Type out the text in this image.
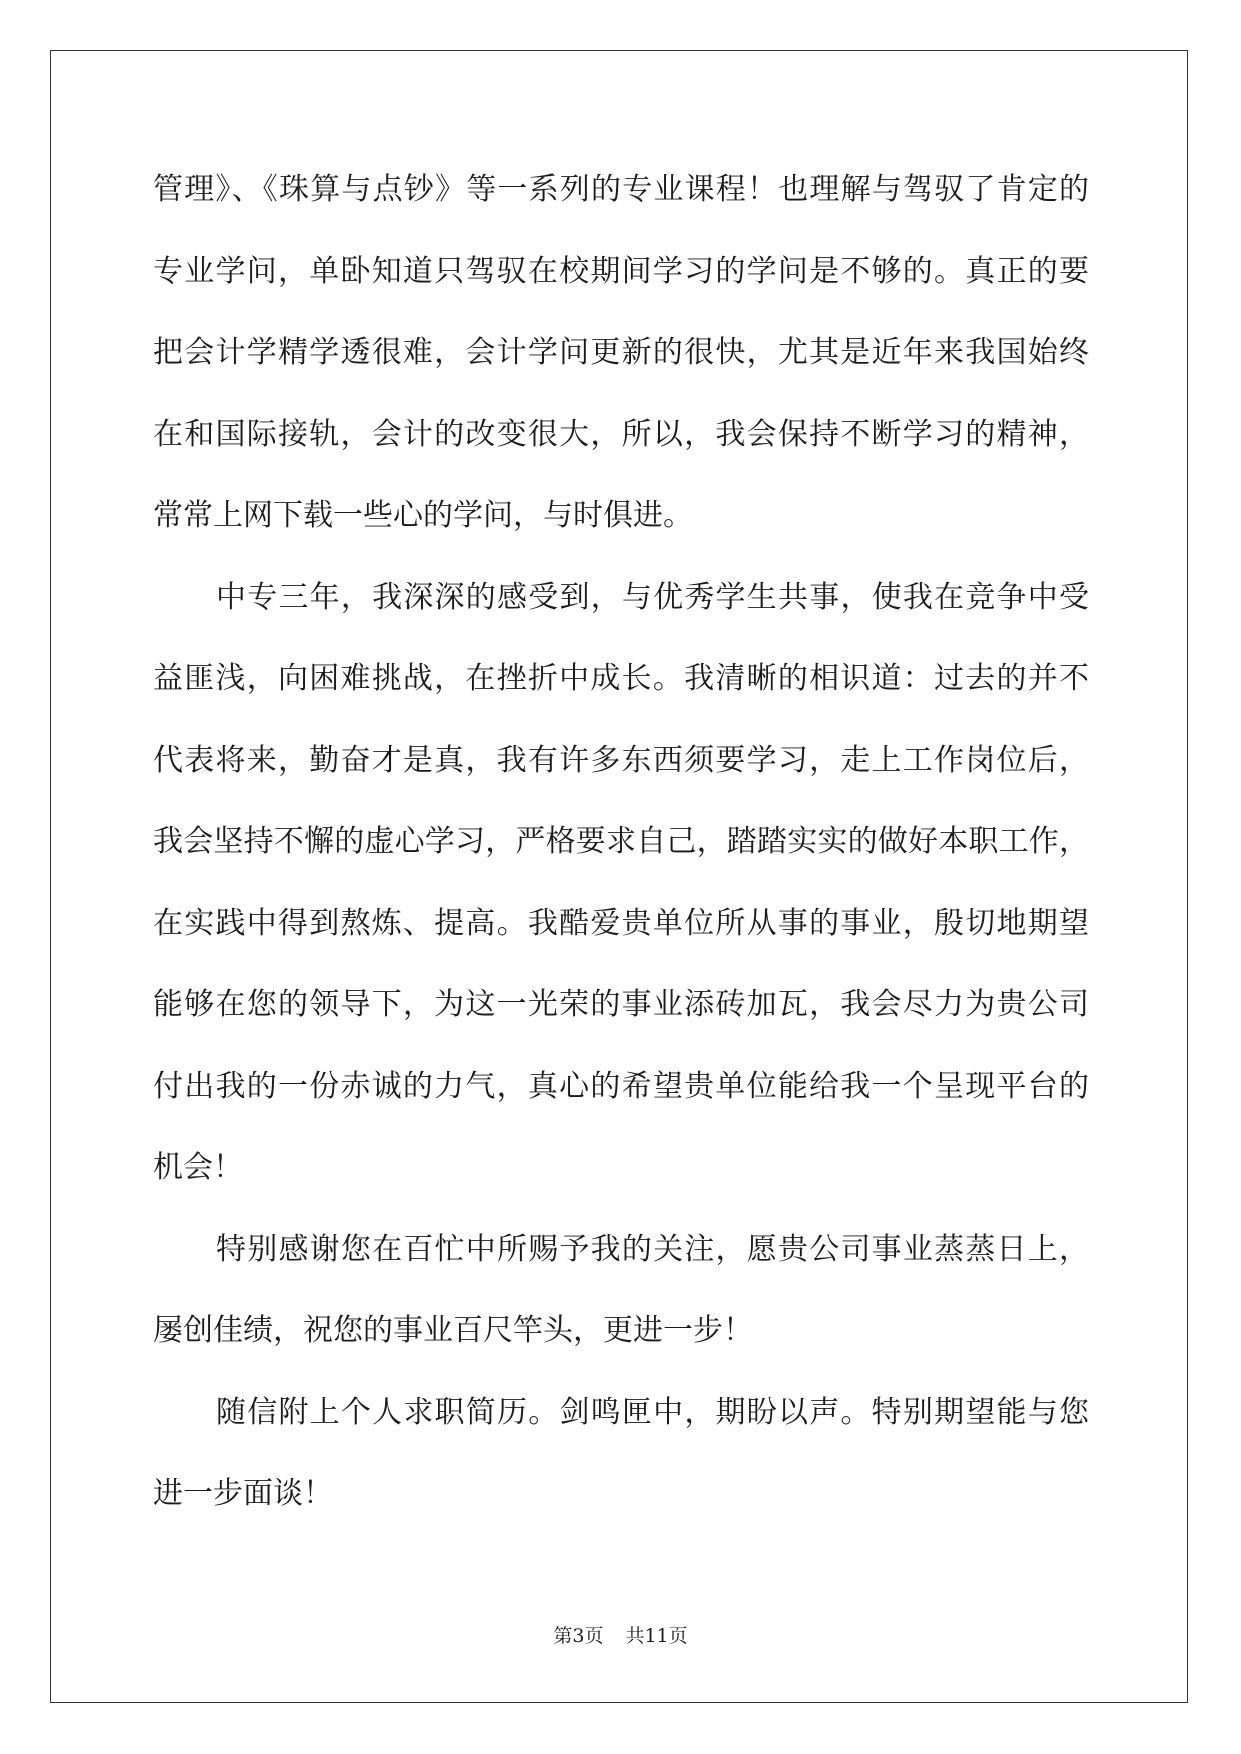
管理》、《珠算与点钞》等一系列的专业课程！也理解与驾驭了肯定的
专业学问，单卧知道只驾驭在校期间学习的学问是不够的。真正的要
把会计学精学透很难，会计学问更新的很快，尤其是近年来我国始终
在和国际接轨，会计的改变很大，所以，我会保持不断学习的精神，
常常上网下载一些心的学问，与时俱进。
中专三年，我深深的感受到，与优秀学生共事，使我在竞争中受
益匪浅，向困难挑战，在挫折中成长。我清晰的相识道：过去的并不
代表将来，勤奋才是真，我有许多东西须要学习，走上工作岗位后，
我会坚持不懈的虚心学习，严格要求自己，踏踏实实的做好本职工作，
在实践中得到熬炼、提高。我酷爱贵单位所从事的事业，殷切地期望
能够在您的领导下，为这一光荣的事业添砖加瓦，我会尽力为贵公司
付出我的一份赤诚的力气，真心的希望贵单位能给我一个呈现平台的
机会！
特别感谢您在百忙中所赐予我的关注，愿贵公司事业蒸蒸日上，
屡创佳绩，祝您的事业百尺竿头，更进一步！
随信附上个人求职简历。剑鸣匣中，期盼以声。特别期望能与您
进一步面谈！
第3页 共11页
